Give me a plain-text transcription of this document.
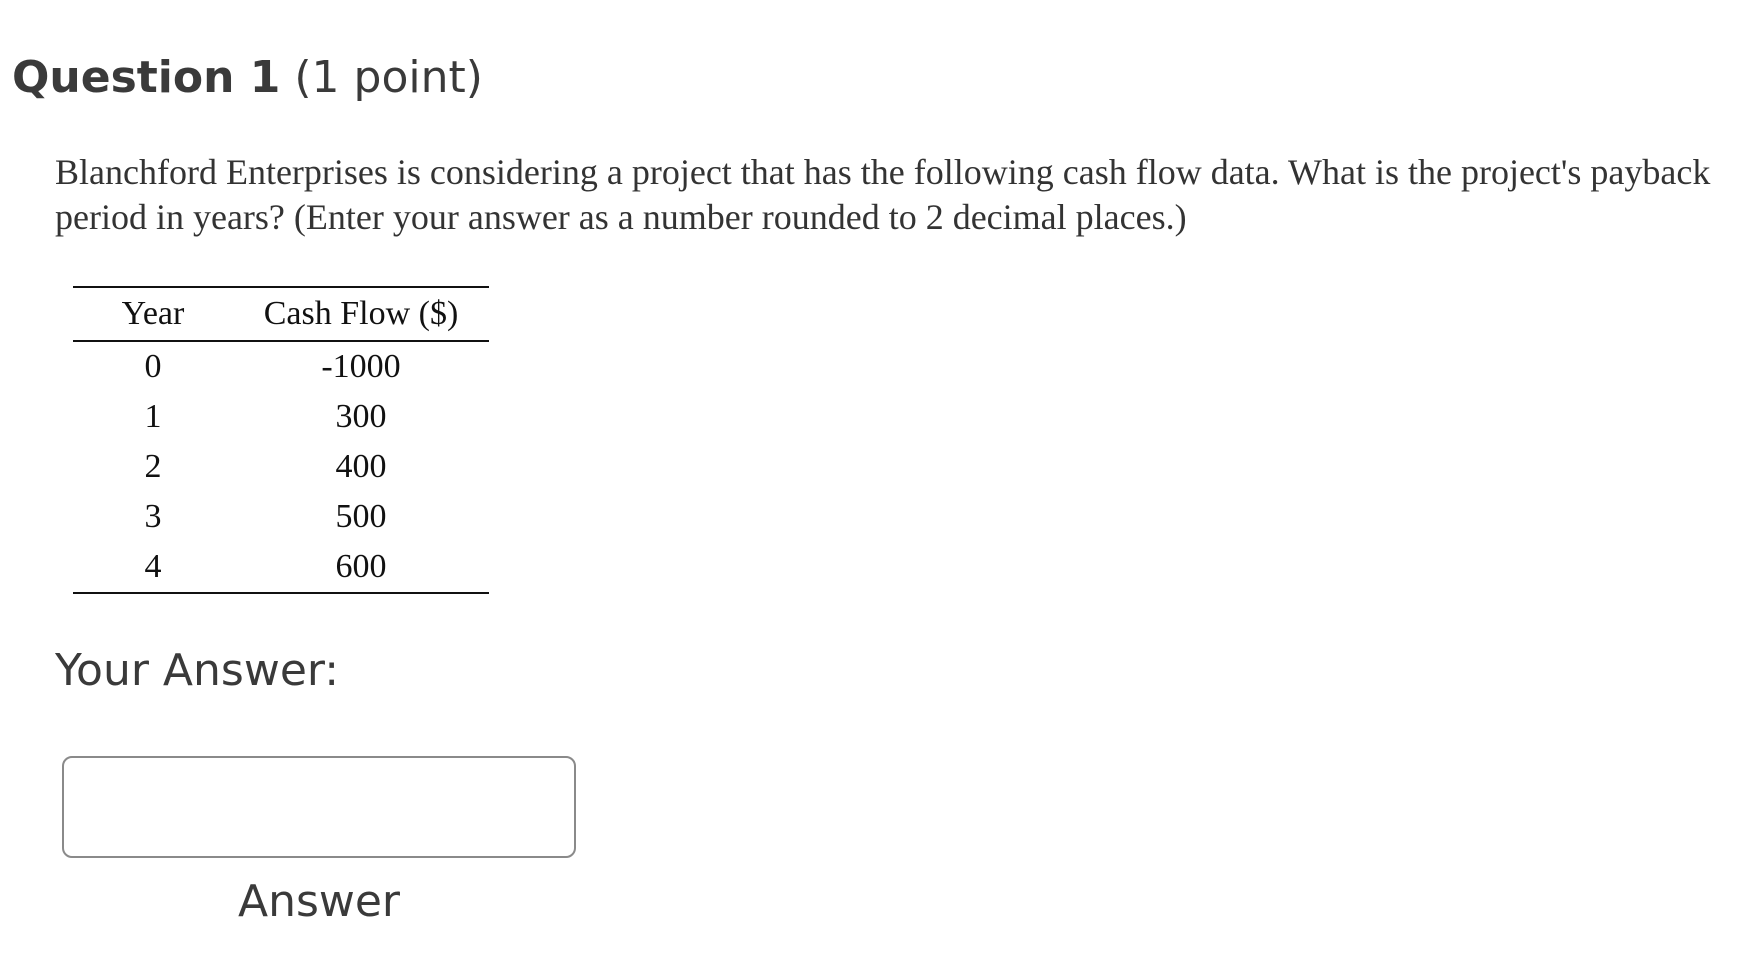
Question 1 (1 point)
Blanchford Enterprises is considering a project that has the following cash flow data. What is the project's payback period in years? (Enter your answer as a number rounded to 2 decimal places.)
Year	Cash Flow ($)
0	-1000
1	300
2	400
3	500
4	600
Your Answer:
Answer
